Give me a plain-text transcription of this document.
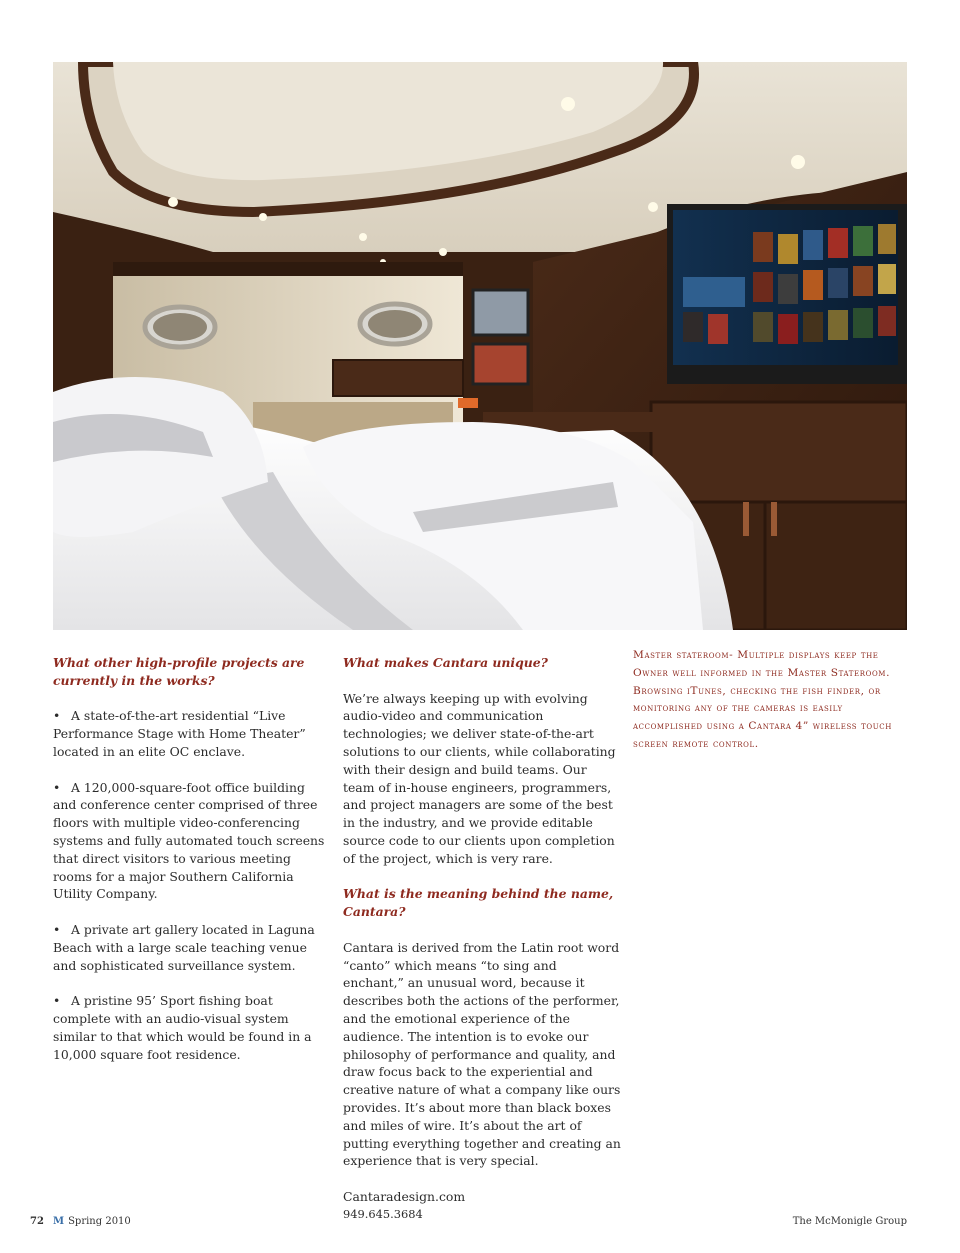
What other high-profile projects are currently in the works?

• A state-of-the-art residential “Live Performance Stage with Home Theater” located in an elite OC enclave.

• A 120,000-square-foot office building and conference center comprised of three floors with multiple video-conferencing systems and fully automated touch screens that direct visitors to various meeting rooms for a major Southern California Utility Company.

• A private art gallery located in Laguna Beach with a large scale teaching venue and sophisticated surveillance system.

• A pristine 95’ Sport fishing boat complete with an audio-visual system similar to that which would be found in a 10,000 square foot residence.

What makes Cantara unique?

We’re always keeping up with evolving audio-video and communication technologies; we deliver state-of-the-art solutions to our clients, while collaborating with their design and build teams. Our team of in-house engineers, programmers, and project managers are some of the best in the industry, and we provide editable source code to our clients upon completion of the project, which is very rare.

What is the meaning behind the name, Cantara?

Cantara is derived from the Latin root word “canto” which means “to sing and enchant,” an unusual word, because it describes both the actions of the performer, and the emotional experience of the audience. The intention is to evoke our philosophy of performance and quality, and draw focus back to the experiential and creative nature of what a company like ours provides. It’s about more than black boxes and miles of wire. It’s about the art of putting everything together and creating an experience that is very special.

Cantaradesign.com

949.645.3684

Master stateroom- Multiple displays keep the Owner well informed in the Master Stateroom. Browsing iTunes, checking the fish finder, or monitoring any of the cameras is easily accomplished using a Cantara 4” wireless touch screen remote control.

72 M Spring 2010	The McMonigle Group
